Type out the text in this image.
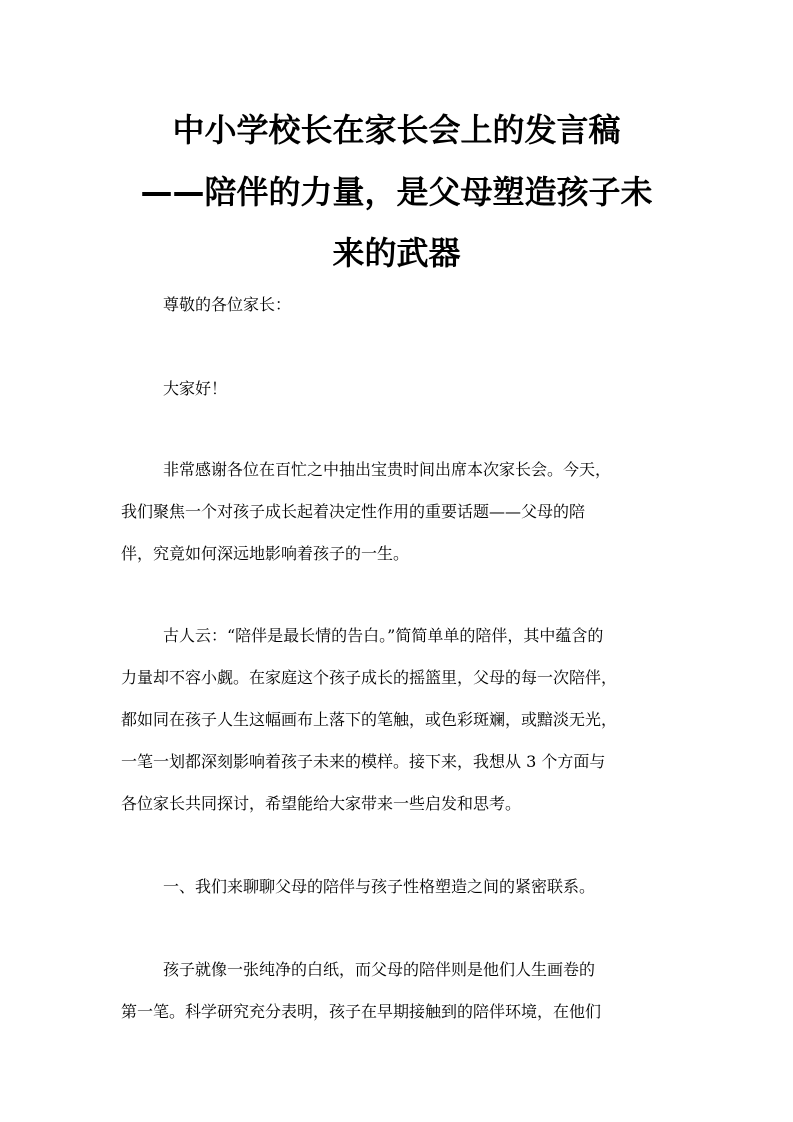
中小学校长在家长会上的发言稿
——陪伴的力量，是父母塑造孩子未
来的武器

尊敬的各位家长：

大家好！

非常感谢各位在百忙之中抽出宝贵时间出席本次家长会。今天，

我们聚焦一个对孩子成长起着决定性作用的重要话题——父母的陪

伴，究竟如何深远地影响着孩子的一生。

古人云：“陪伴是最长情的告白。”简简单单的陪伴，其中蕴含的

力量却不容小觑。在家庭这个孩子成长的摇篮里，父母的每一次陪伴，

都如同在孩子人生这幅画布上落下的笔触，或色彩斑斓，或黯淡无光，

一笔一划都深刻影响着孩子未来的模样。接下来，我想从 3 个方面与

各位家长共同探讨，希望能给大家带来一些启发和思考。

一、我们来聊聊父母的陪伴与孩子性格塑造之间的紧密联系。

孩子就像一张纯净的白纸，而父母的陪伴则是他们人生画卷的

第一笔。科学研究充分表明，孩子在早期接触到的陪伴环境，在他们
